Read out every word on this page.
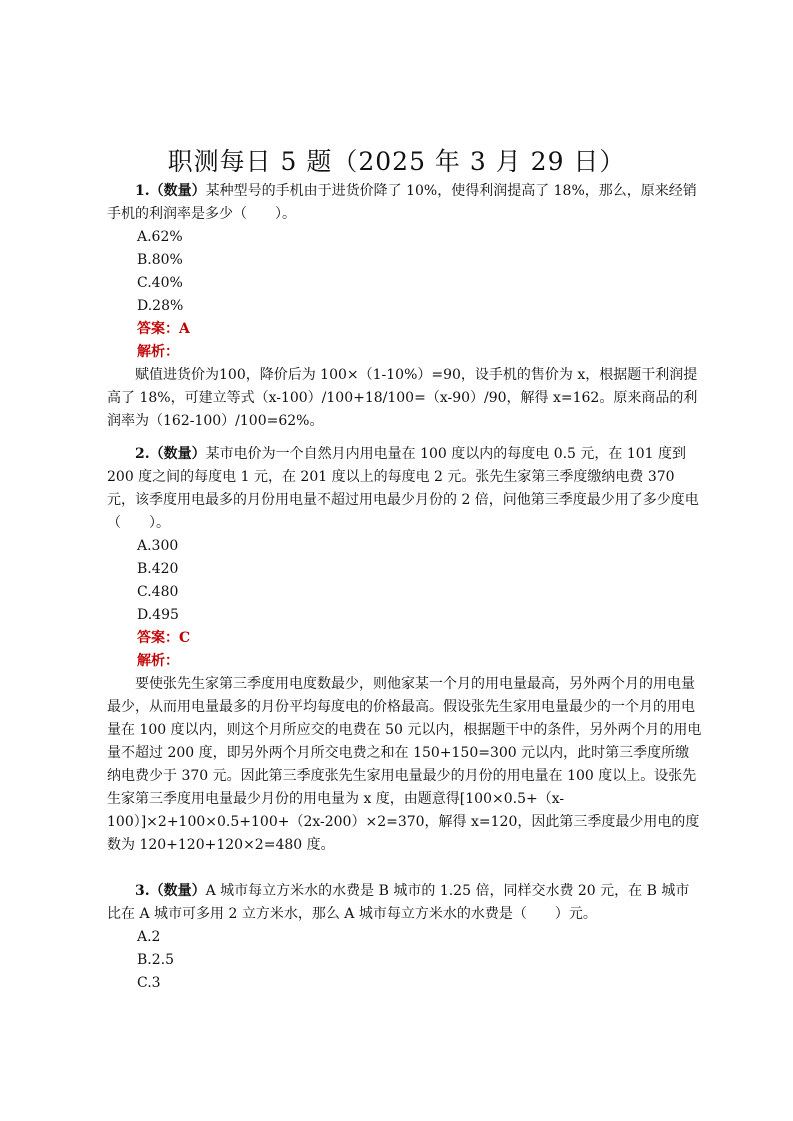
职测每日 5 题（2025 年 3 月 29 日）

1.（数量）某种型号的手机由于进货价降了 10%，使得利润提高了 18%，那么，原来经销手机的利润率是多少（　　）。

A.62%

B.80%

C.40%

D.28%

答案：A

解析：

赋值进货价为100，降价后为 100×（1-10%）=90，设手机的售价为 x，根据题干利润提高了 18%，可建立等式（x-100）/100+18/100=（x-90）/90，解得 x=162。原来商品的利润率为（162-100）/100=62%。

2.（数量）某市电价为一个自然月内用电量在 100 度以内的每度电 0.5 元，在 101 度到 200 度之间的每度电 1 元，在 201 度以上的每度电 2 元。张先生家第三季度缴纳电费 370 元，该季度用电最多的月份用电量不超过用电最少月份的 2 倍，问他第三季度最少用了多少度电（　　）。

A.300

B.420

C.480

D.495

答案：C

解析：

要使张先生家第三季度用电度数最少，则他家某一个月的用电量最高，另外两个月的用电量最少，从而用电量最多的月份平均每度电的价格最高。假设张先生家用电量最少的一个月的用电量在 100 度以内，则这个月所应交的电费在 50 元以内，根据题干中的条件，另外两个月的用电量不超过 200 度，即另外两个月所交电费之和在 150+150=300 元以内，此时第三季度所缴纳电费少于 370 元。因此第三季度张先生家用电量最少的月份的用电量在 100 度以上。设张先生家第三季度用电量最少月份的用电量为 x 度，由题意得[100×0.5+（x-100）]×2+100×0.5+100+（2x-200）×2=370，解得 x=120，因此第三季度最少用电的度数为 120+120+120×2=480 度。

3.（数量）A 城市每立方米水的水费是 B 城市的 1.25 倍，同样交水费 20 元，在 B 城市比在 A 城市可多用 2 立方米水，那么 A 城市每立方米水的水费是（　　）元。

A.2

B.2.5

C.3
